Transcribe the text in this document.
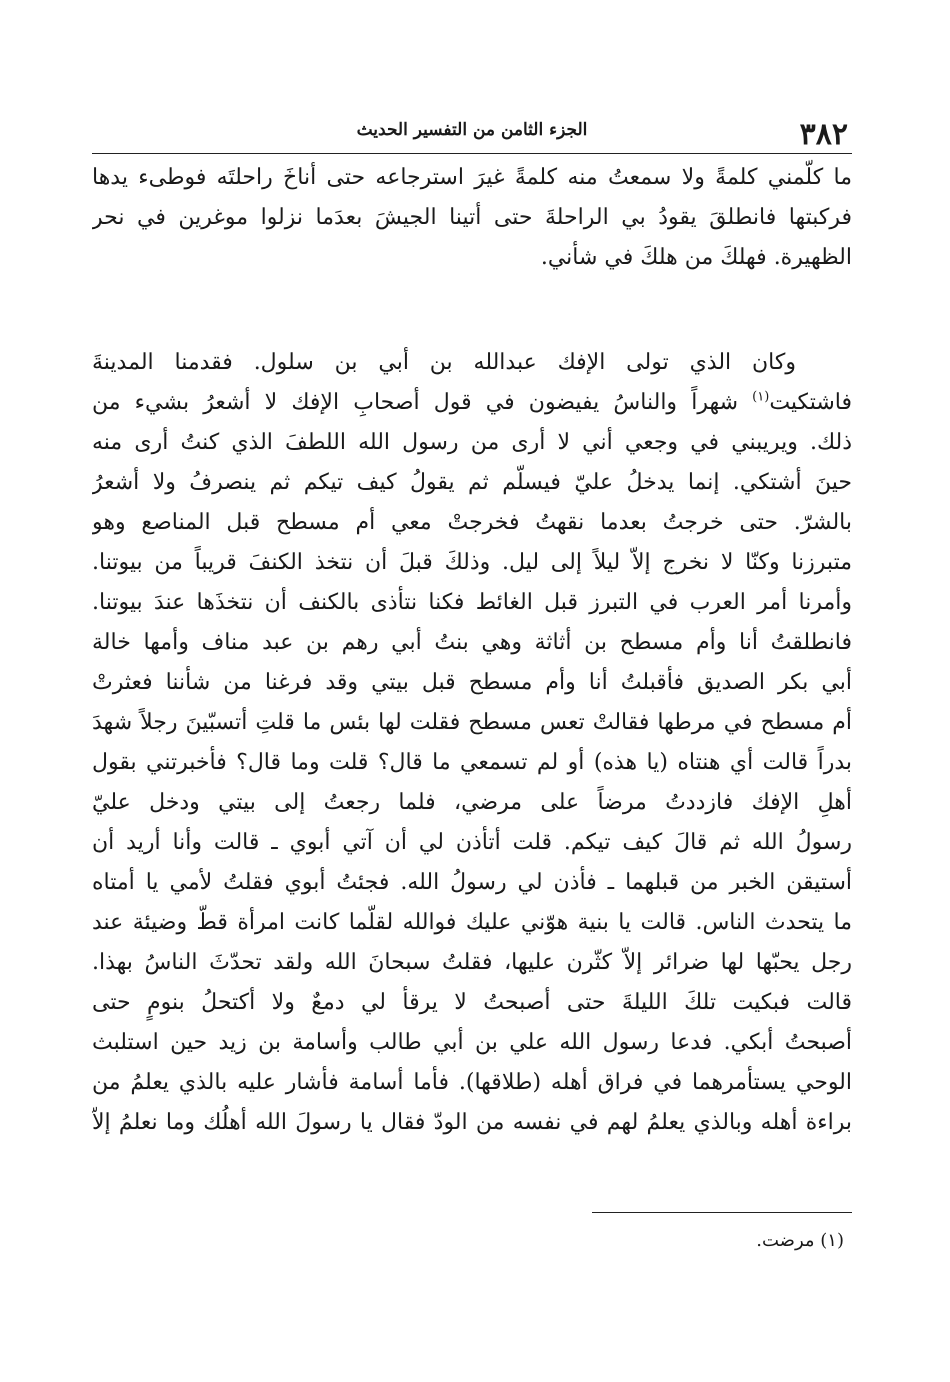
٣٨٢
الجزء الثامن من التفسير الحديث
ما كلّمني كلمةً ولا سمعتُ منه كلمةً غيرَ استرجاعه حتى أناخَ راحلتَه فوطىء يدها
فركبتها فانطلقَ يقودُ بي الراحلةَ حتى أتينا الجيشَ بعدَما نزلوا موغرين في نحر
الظهيرة. فهلكَ من هلكَ في شأني.
وكان الذي تولى الإفك عبدالله بن أبي بن سلول. فقدمنا المدينةَ
فاشتكيت$^{(١)}$ شهراً والناسُ يفيضون في قول أصحابِ الإفك لا أشعرُ بشيء من
ذلك. ويريبني في وجعي أني لا أرى من رسول الله اللطفَ الذي كنتُ أرى منه
حينَ أشتكي. إنما يدخلُ عليّ فيسلّم ثم يقولُ كيف تيكم ثم ينصرفُ ولا أشعرُ
بالشرّ. حتى خرجتُ بعدما نقهتُ فخرجتْ معي أم مسطح قبل المناصع وهو
متبرزنا وكنّا لا نخرج إلاّ ليلاً إلى ليل. وذلكَ قبلَ أن نتخذ الكنفَ قريباً من بيوتنا.
وأمرنا أمر العرب في التبرز قبل الغائط فكنا نتأذى بالكنف أن نتخذَها عندَ بيوتنا.
فانطلقتُ أنا وأم مسطح بن أثاثة وهي بنتُ أبي رهم بن عبد مناف وأمها خالة
أبي بكر الصديق فأقبلتُ أنا وأم مسطح قبل بيتي وقد فرغنا من شأننا فعثرتْ
أم مسطح في مرطها فقالتْ تعس مسطح فقلت لها بئس ما قلتِ أتسبّينَ رجلاً شهدَ
بدراً قالت أي هنتاه (يا هذه) أو لم تسمعي ما قال؟ قلت وما قال؟ فأخبرتني بقول
أهلِ الإفك فازددتُ مرضاً على مرضي، فلما رجعتُ إلى بيتي ودخل عليّ
رسولُ الله ثم قالَ كيف تيكم. قلت أتأذن لي أن آتي أبوي ـ قالت وأنا أريد أن
أستيقن الخبر من قبلهما ـ فأذن لي رسولُ الله. فجئتُ أبوي فقلتُ لأمي يا أمتاه
ما يتحدث الناس. قالت يا بنية هوّني عليك فوالله لقلّما كانت امرأة قطّ وضيئة عند
رجل يحبّها لها ضرائر إلاّ كثّرن عليها، فقلتُ سبحانَ الله ولقد تحدّثَ الناسُ بهذا.
قالت فبكيت تلكَ الليلةَ حتى أصبحتُ لا يرقأ لي دمعٌ ولا أكتحلُ بنومٍ حتى
أصبحتُ أبكي. فدعا رسول الله علي بن أبي طالب وأسامة بن زيد حين استلبث
الوحي يستأمرهما في فراق أهله (طلاقها). فأما أسامة فأشار عليه بالذي يعلمُ من
براءة أهله وبالذي يعلمُ لهم في نفسه من الودّ فقال يا رسولَ الله أهلُك وما نعلمُ إلاّ
(١) مرضت.
